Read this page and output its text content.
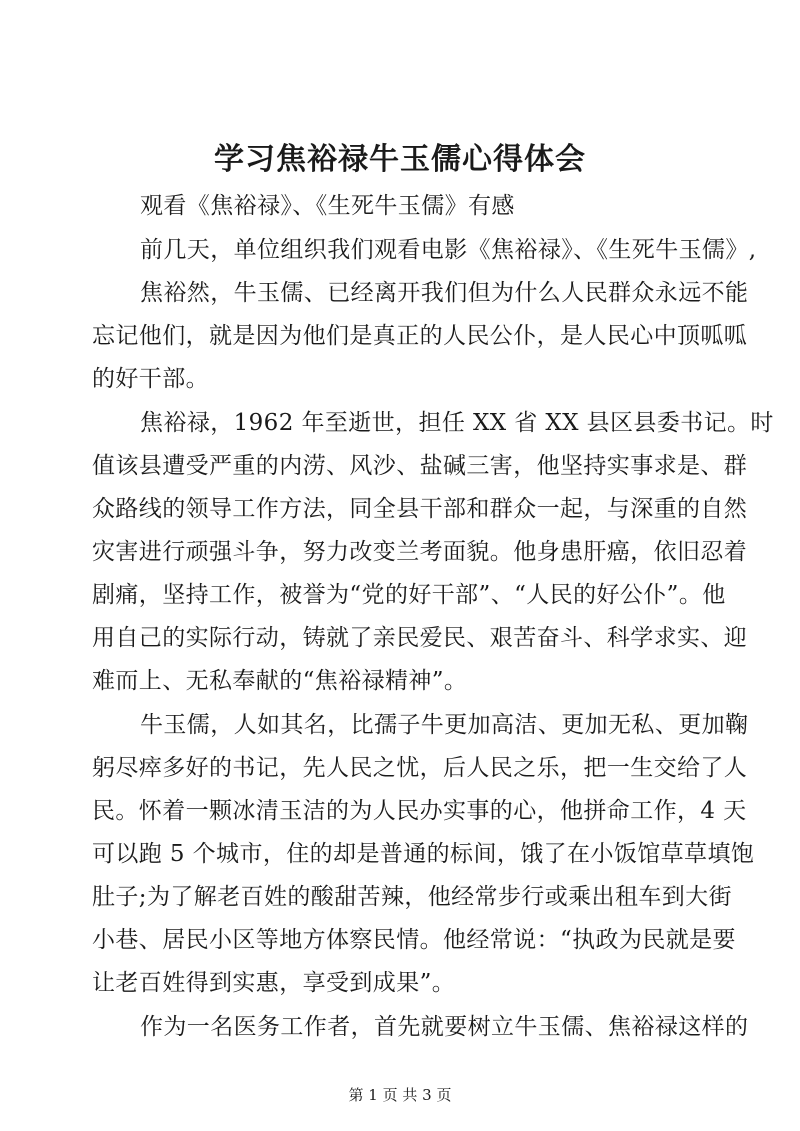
学习焦裕禄牛玉儒心得体会
观看《焦裕禄》、《生死牛玉儒》有感
前几天，单位组织我们观看电影《焦裕禄》、《生死牛玉儒》,
焦裕然，牛玉儒、已经离开我们但为什么人民群众永远不能
忘记他们，就是因为他们是真正的人民公仆，是人民心中顶呱呱
的好干部。
焦裕禄，1962 年至逝世，担任 XX 省 XX 县区县委书记。时
值该县遭受严重的内涝、风沙、盐碱三害，他坚持实事求是、群
众路线的领导工作方法，同全县干部和群众一起，与深重的自然
灾害进行顽强斗争，努力改变兰考面貌。他身患肝癌，依旧忍着
剧痛，坚持工作，被誉为“党的好干部”、“人民的好公仆”。他
用自己的实际行动，铸就了亲民爱民、艰苦奋斗、科学求实、迎
难而上、无私奉献的“焦裕禄精神”。
牛玉儒，人如其名，比孺子牛更加高洁、更加无私、更加鞠
躬尽瘁多好的书记，先人民之忧，后人民之乐，把一生交给了人
民。怀着一颗冰清玉洁的为人民办实事的心，他拼命工作，4 天
可以跑 5 个城市，住的却是普通的标间，饿了在小饭馆草草填饱
肚子;为了解老百姓的酸甜苦辣，他经常步行或乘出租车到大街
小巷、居民小区等地方体察民情。他经常说：“执政为民就是要
让老百姓得到实惠，享受到成果”。
作为一名医务工作者，首先就要树立牛玉儒、焦裕禄这样的
第 1 页 共 3 页
